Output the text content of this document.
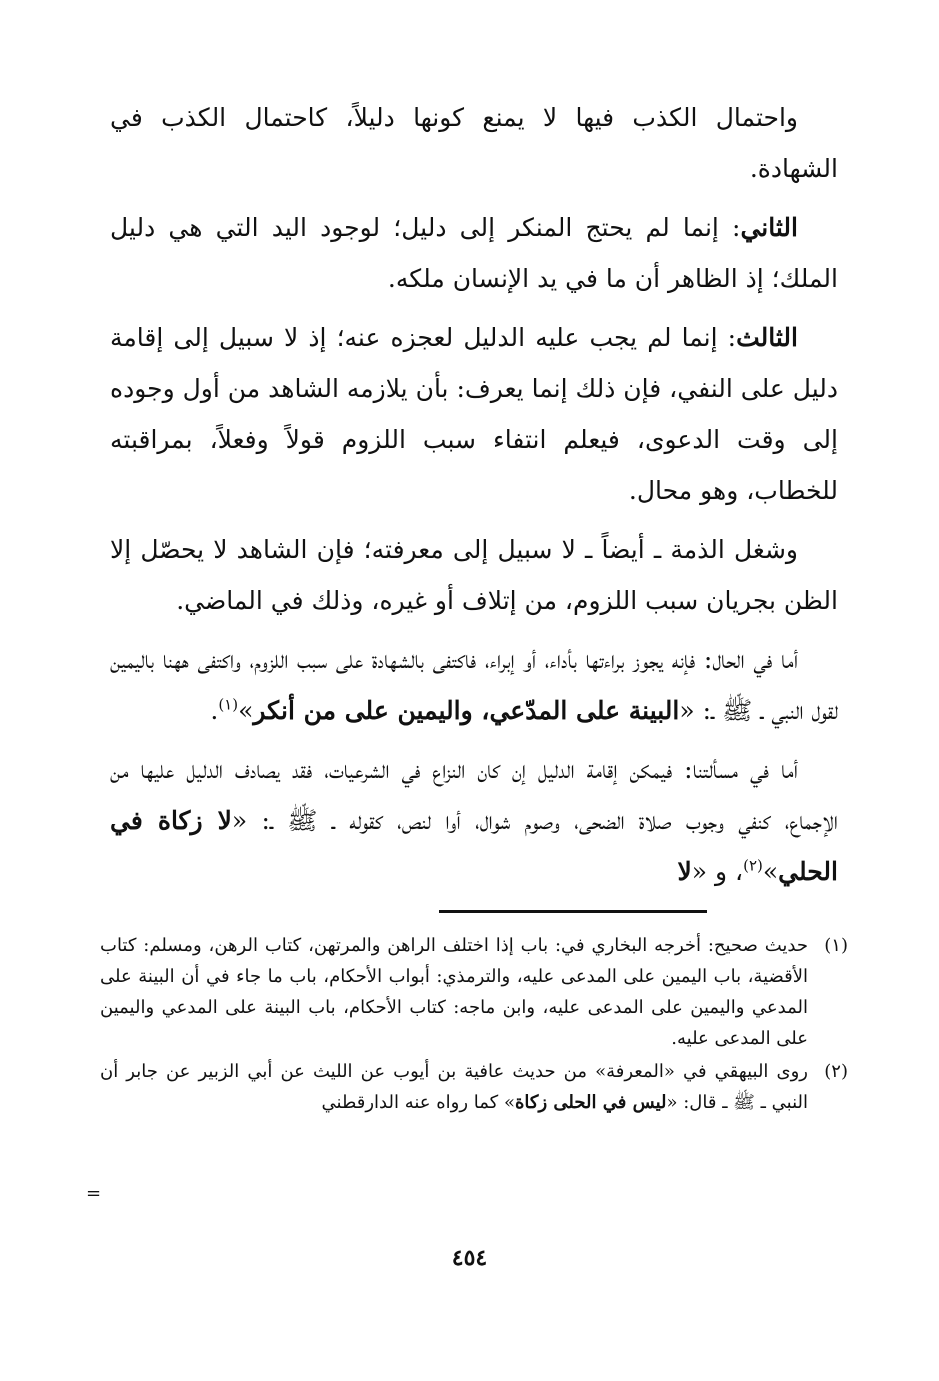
واحتمال الكذب فيها لا يمنع كونها دليلاً، كاحتمال الكذب في الشهادة.

الثاني: إنما لم يحتج المنكر إلى دليل؛ لوجود اليد التي هي دليل الملك؛ إذ الظاهر أن ما في يد الإنسان ملكه.

الثالث: إنما لم يجب عليه الدليل لعجزه عنه؛ إذ لا سبيل إلى إقامة دليل على النفي، فإن ذلك إنما يعرف: بأن يلازمه الشاهد من أول وجوده إلى وقت الدعوى، فيعلم انتفاء سبب اللزوم قولاً وفعلاً، بمراقبته للخطاب، وهو محال.

وشغل الذمة ـ أيضاً ـ لا سبيل إلى معرفته؛ فإن الشاهد لا يحصّل إلا الظن بجريان سبب اللزوم، من إتلاف أو غيره، وذلك في الماضي.

أما في الحال: فإنه يجوز براءتها بأداء، أو إبراء، فاكتفى بالشهادة على سبب اللزوم، واكتفى ههنا باليمين لقول النبي ـ ﷺ ـ: «البينة على المدّعي، واليمين على من أنكر»$^{(١)}$.

أما في مسألتنا: فيمكن إقامة الدليل إن كان النزاع في الشرعيات، فقد يصادف الدليل عليها من الإجماع، كنفي وجوب صلاة الضحى، وصوم شوال، أوا لنص، كقوله ـ ﷺ ـ: «لا زكاة في الحلي»$^{(٢)}$، و «لا

(١)
حديث صحيح: أخرجه البخاري في: باب إذا اختلف الراهن والمرتهن، كتاب الرهن، ومسلم: كتاب الأقضية، باب اليمين على المدعى عليه، والترمذي: أبواب الأحكام، باب ما جاء في أن البينة على المدعي واليمين على المدعى عليه، وابن ماجه: كتاب الأحكام، باب البينة على المدعي واليمين على المدعى عليه.
(٢)
روى البيهقي في «المعرفة» من حديث عافية بن أيوب عن الليث عن أبي الزبير عن جابر أن النبي ـ ﷺ ـ قال: «ليس في الحلى زكاة» كما رواه عنه الدارقطني
=
٤٥٤
